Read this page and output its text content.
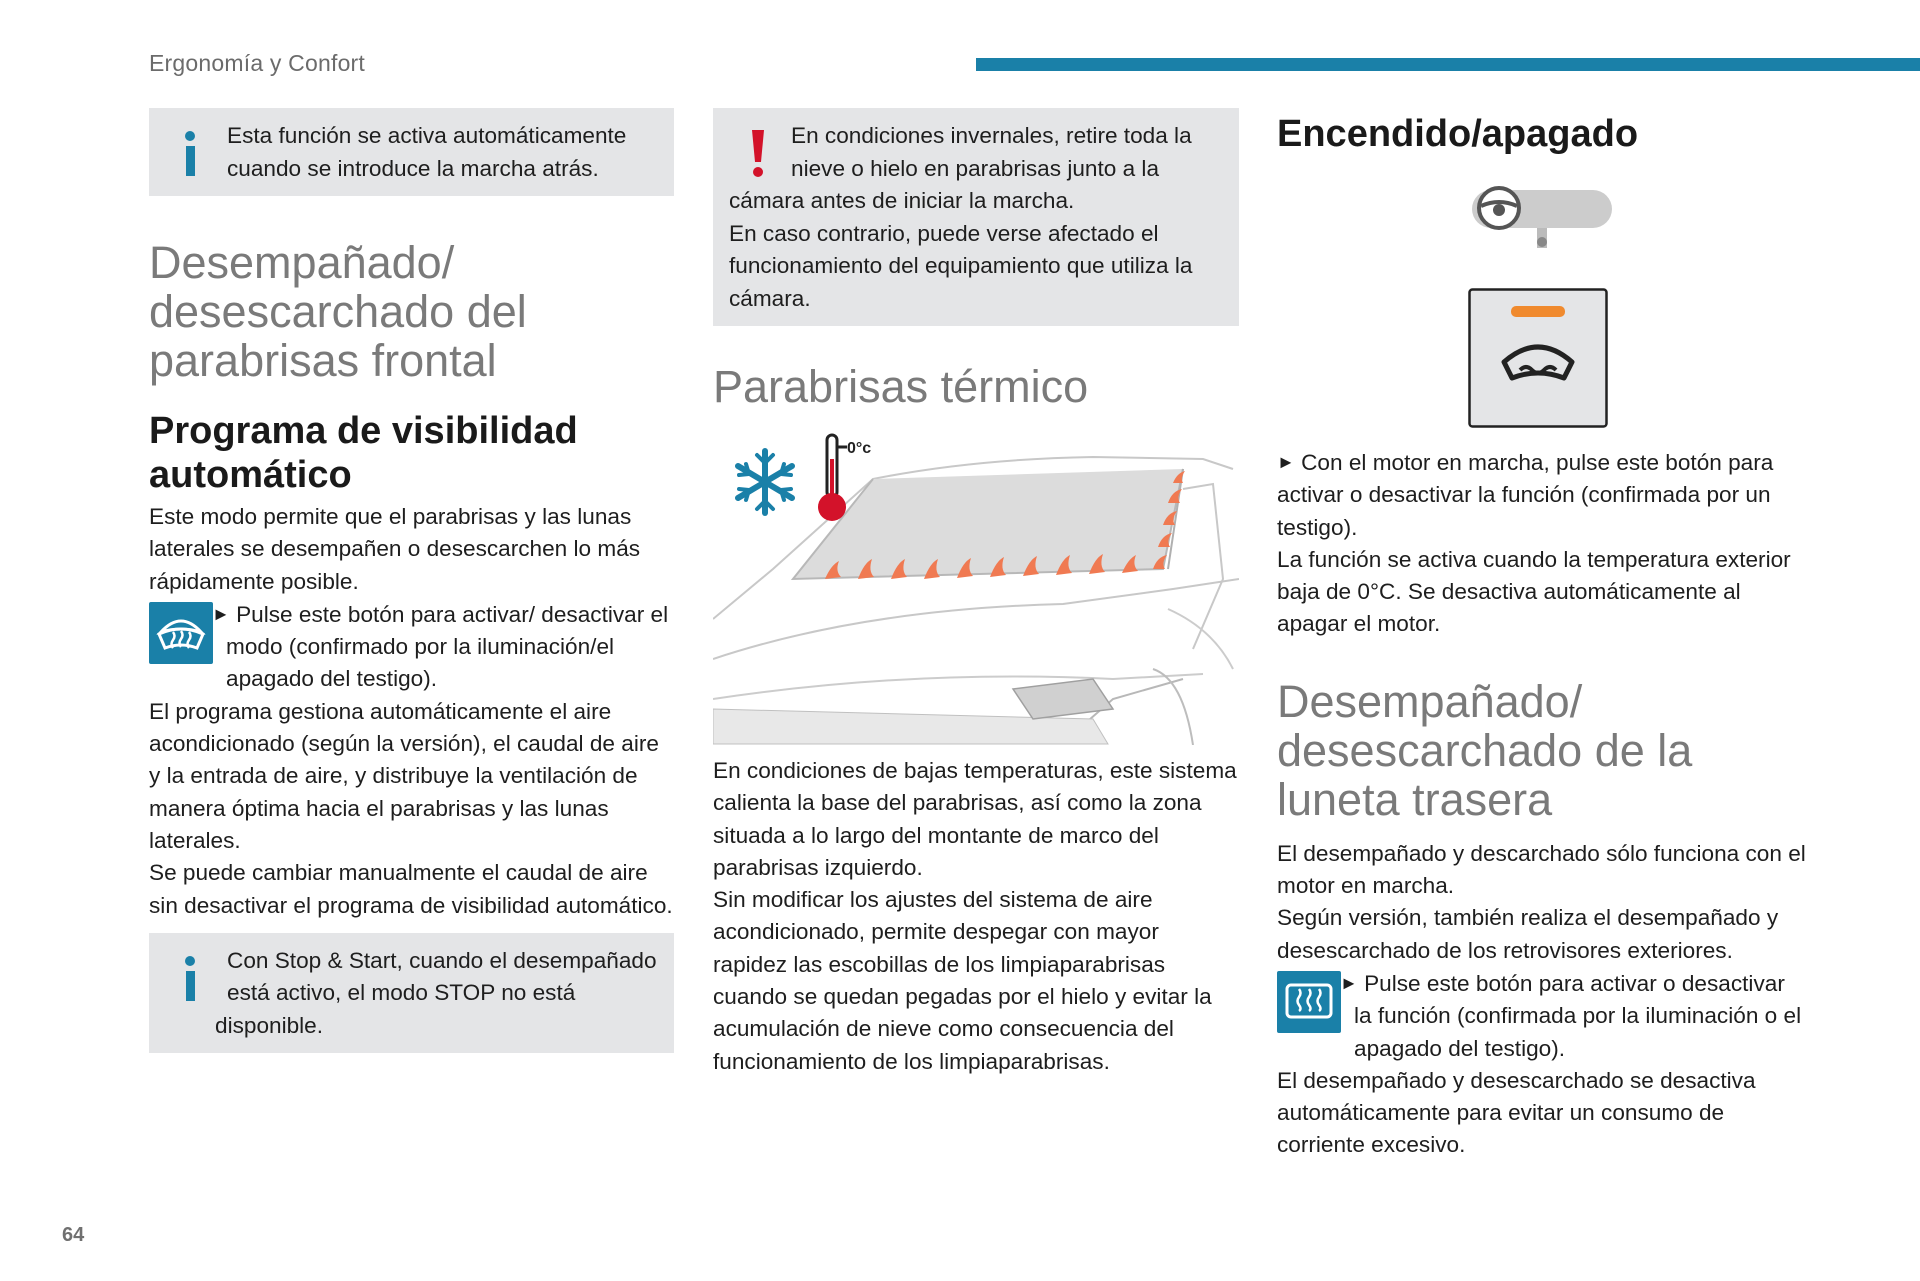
Ergonomía y Confort
Esta función se activa automáticamente cuando se introduce la marcha atrás.
Desempañado/
desescarchado del
parabrisas frontal
Programa de visibilidad automático

Este modo permite que el parabrisas y las lunas laterales se desempañen o desescarchen lo más rápidamente posible.

► Pulse este botón para activar/ desactivar el modo (confirmado por la iluminación/el apagado del testigo).

El programa gestiona automáticamente el aire acondicionado (según la versión), el caudal de aire y la entrada de aire, y distribuye la ventilación de manera óptima hacia el parabrisas y las lunas laterales.

Se puede cambiar manualmente el caudal de aire sin desactivar el programa de visibilidad automático.

Con Stop & Start, cuando el desempañado está activo, el modo STOP no está disponible.
En condiciones invernales, retire toda la nieve o hielo en parabrisas junto a la cámara antes de iniciar la marcha.
En caso contrario, puede verse afectado el funcionamiento del equipamiento que utiliza la cámara.
Parabrisas térmico
0°c

En condiciones de bajas temperaturas, este sistema calienta la base del parabrisas, así como la zona situada a lo largo del montante de marco del parabrisas izquierdo.

Sin modificar los ajustes del sistema de aire acondicionado, permite despegar con mayor rapidez las escobillas de los limpiaparabrisas cuando se quedan pegadas por el hielo y evitar la acumulación de nieve como consecuencia del funcionamiento de los limpiaparabrisas.

Encendido/apagado

► Con el motor en marcha, pulse este botón para activar o desactivar la función (confirmada por un testigo).

La función se activa cuando la temperatura exterior baja de 0°C. Se desactiva automáticamente al apagar el motor.

Desempañado/
desescarchado de la
luneta trasera

El desempañado y descarchado sólo funciona con el motor en marcha.

Según versión, también realiza el desempañado y desescarchado de los retrovisores exteriores.

► Pulse este botón para activar o desactivar la función (confirmada por la iluminación o el apagado del testigo).

El desempañado y desescarchado se desactiva automáticamente para evitar un consumo de corriente excesivo.

64
